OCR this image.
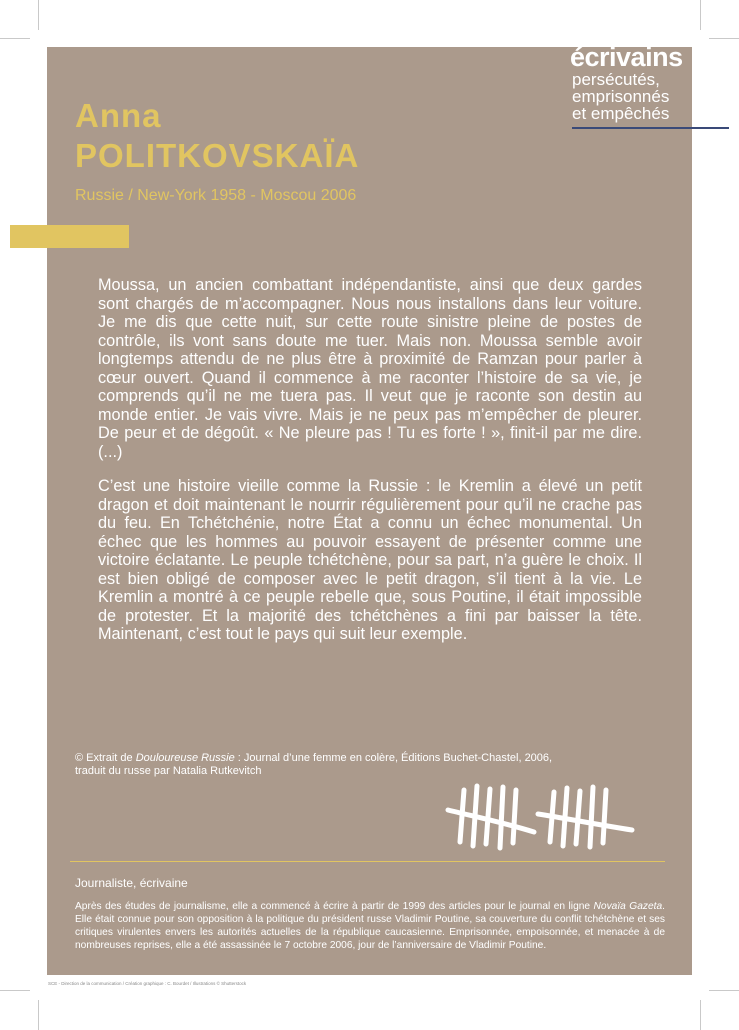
écrivains
persécutés,
emprisonnés
et empêchés
Anna
POLITKOVSKAÏA
Russie / New-York 1958 - Moscou 2006

Moussa, un ancien combattant indépendantiste, ainsi que deux gardes sont chargés de m’accompagner. Nous nous installons dans leur voiture. Je me dis que cette nuit, sur cette route sinistre pleine de postes de contrôle, ils vont sans doute me tuer. Mais non. Moussa semble avoir longtemps attendu de ne plus être à proximité de Ramzan pour parler à cœur ouvert. Quand il commence à me raconter l’histoire de sa vie, je comprends qu’il ne me tuera pas. Il veut que je raconte son destin au monde entier. Je vais vivre. Mais je ne peux pas m’empêcher de pleurer. De peur et de dégoût. « Ne pleure pas ! Tu es forte ! », finit-il par me dire. (...)

C’est une histoire vieille comme la Russie : le Kremlin a élevé un petit dragon et doit maintenant le nourrir régulièrement pour qu’il ne crache pas du feu. En Tchétchénie, notre État a connu un échec monumental. Un échec que les hommes au pouvoir essayent de présenter comme une victoire éclatante. Le peuple tchétchène, pour sa part, n’a guère le choix. Il est bien obligé de composer avec le petit dragon, s’il tient à la vie. Le Kremlin a montré à ce peuple rebelle que, sous Poutine, il était impossible de protester. Et la majorité des tchétchènes a fini par baisser la tête. Maintenant, c’est tout le pays qui suit leur exemple.

© Extrait de Douloureuse Russie : Journal d’une femme en colère, Éditions Buchet-Chastel, 2006,
traduit du russe par Natalia Rutkevitch
Journaliste, écrivaine
Après des études de journalisme, elle a commencé à écrire à partir de 1999 des articles pour le journal en ligne Novaïa Gazeta. Elle était connue pour son opposition à la politique du président russe Vladimir Poutine, sa couverture du conflit tchétchène et ses critiques virulentes envers les autorités actuelles de la république caucasienne. Emprisonnée, empoisonnée, et menacée à de nombreuses reprises, elle a été assassinée le 7 octobre 2006, jour de l’anniversaire de Vladimir Poutine.
SCE - Direction de la communication / Création graphique : C. Bourdet / Illustrations © Shutterstock
